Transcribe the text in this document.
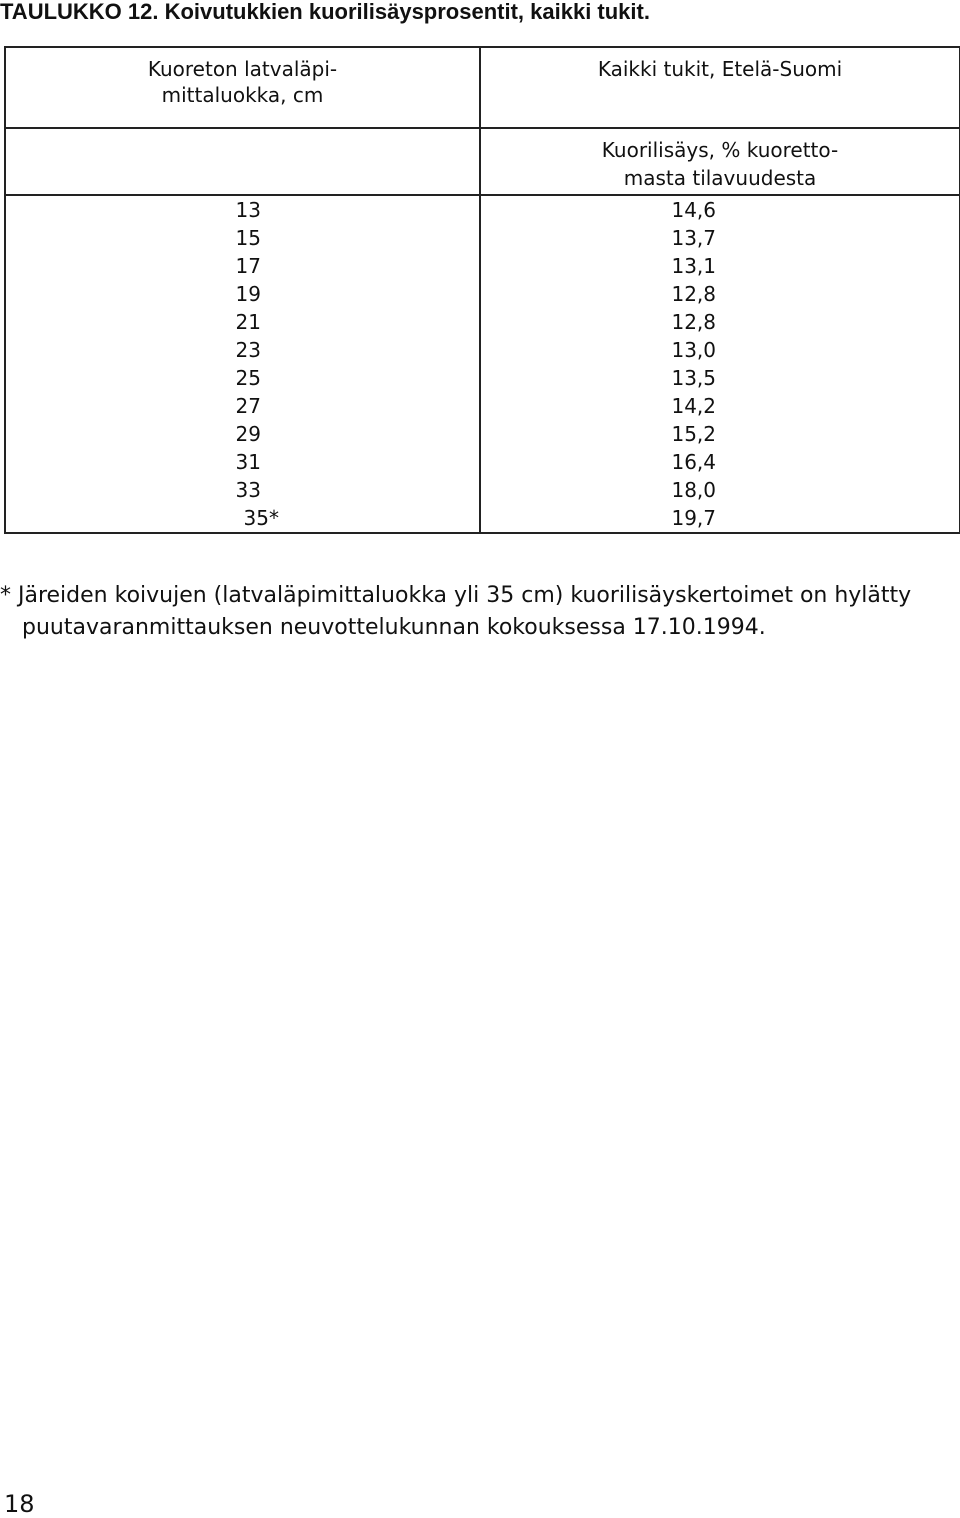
TAULUKKO 12. Koivutukkien kuorilisäysprosentit, kaikki tukit.
Kuoreton latvaläpi-
mittaluokka, cm	Kaikki tukit, Etelä-Suomi

	Kuorilisäys, % kuoretto-
masta tilavuudesta

13	14,6
15	13,7
17	13,1
19	12,8
21	12,8
23	13,0
25	13,5
27	14,2
29	15,2
31	16,4
33	18,0
35*	19,7
* Järeiden koivujen (latvaläpimittaluokka yli 35 cm) kuorilisäyskertoimet on hylätty
puutavaranmittauksen neuvottelukunnan kokouksessa 17.10.1994.
18
